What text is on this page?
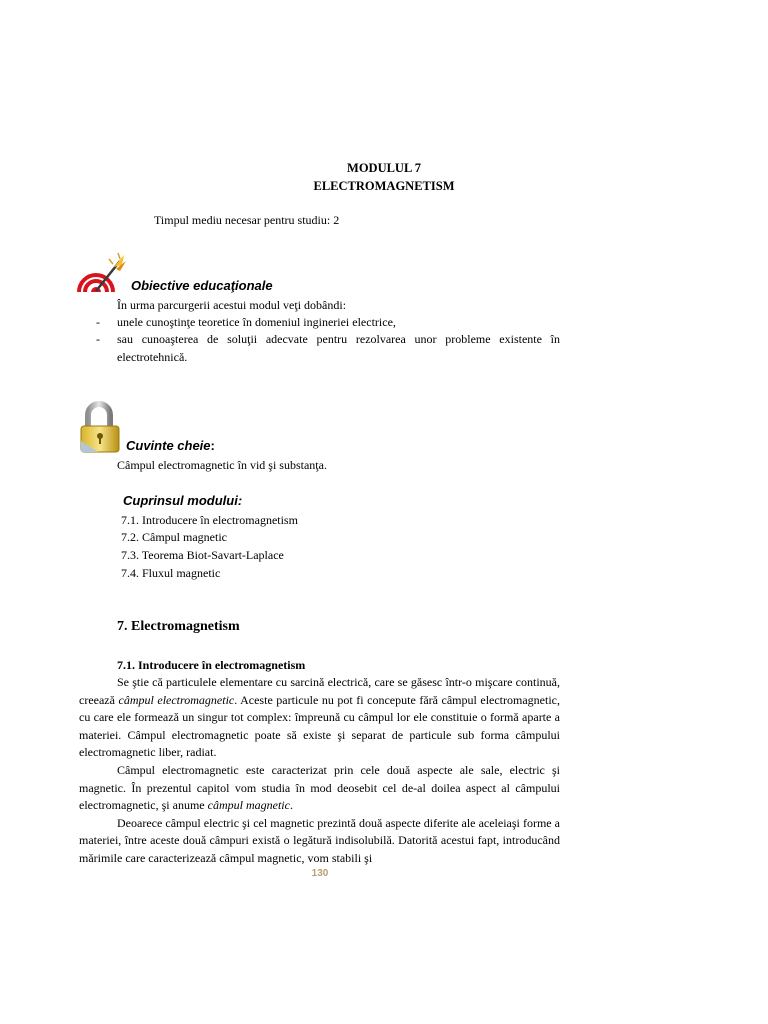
MODULUL 7
ELECTROMAGNETISM
Timpul mediu necesar pentru studiu: 2
Obiective educaţionale
În urma parcurgerii acestui modul veţi dobândi:
- unele cunoştinţe teoretice în domeniul ingineriei electrice,
- sau cunoaşterea de soluţii adecvate pentru rezolvarea unor probleme existente în electrotehnică.
Cuvinte cheie:
Câmpul electromagnetic în vid şi substanţa.
Cuprinsul modului:
7.1. Introducere în electromagnetism
7.2. Câmpul magnetic
7.3. Teorema Biot-Savart-Laplace
7.4. Fluxul magnetic
7. Electromagnetism
7.1. Introducere în electromagnetism

Se ştie că particulele elementare cu sarcină electrică, care se găsesc într-o mişcare continuă, creează câmpul electromagnetic. Aceste particule nu pot fi concepute fără câmpul electromagnetic, cu care ele formează un singur tot complex: împreună cu câmpul lor ele constituie o formă aparte a materiei. Câmpul electromagnetic poate să existe şi separat de particule sub forma câmpului electromagnetic liber, radiat.

Câmpul electromagnetic este caracterizat prin cele două aspecte ale sale, electric şi magnetic. În prezentul capitol vom studia în mod deosebit cel de-al doilea aspect al câmpului electromagnetic, şi anume câmpul magnetic.

Deoarece câmpul electric şi cel magnetic prezintă două aspecte diferite ale aceleiaşi forme a materiei, între aceste două câmpuri există o legătură indisolubilă. Datorită acestui fapt, introducând mărimile care caracterizează câmpul magnetic, vom stabili şi

130
